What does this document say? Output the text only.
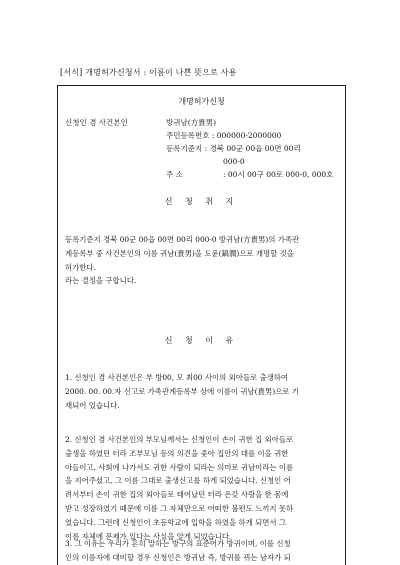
[서식] 개명허가신청서 : 이름이 나쁜 뜻으로 사용
개명허가신청
신청인 겸 사건본인	방귀남(方貴男)
주민등록번호 : 000000-2000000
등록기준지 : 경북 00군 00읍 00면 00리
000-0
주 소	: 00시 00구 00로 000-0, 000호
신 청 취 지
등록기준지 경북 00군 00읍 00면 00리 000-0 방귀남(方貴男)의 가족관
계등록부 중 사건본인의 이름 귀남(貴男)을 도윤(鎬潤)으로 개명할 것을
허가한다.
라는 결정을 구합니다.
신 청 이 유
1. 신청인 겸 사건본인은 부 방00, 모 최00 사이의 외아들로 출생하여
2000. 00. 00.자 신고로 가족관계등록부 상에 이름이 귀남(貴男)으로 기
재되어 있습니다.
2. 신청인 겸 사건본인의 부모님께서는 신청인이 손이 귀한 집 외아들로
출생을 하였던 터라 조부모님 등의 의견을 좇아 집안의 대를 이을 귀한
아들이고, 사회에 나가서도 귀한 사람이 되라는 의미로 귀남이라는 이름
을 지어주셨고, 그 이름 그대로 출생신고를 하게 되었습니다. 신청인 어
려서부터 손이 귀한 집의 외아들로 태어났던 터라 온갖 사랑을 한 몸에
받고 성장하였기 때문에 이름 그 자체만으로 어떠한 불편도 느끼지 못하
였습니다. 그런데 신청인이 초등학교에 입학을 하였을 하게 되면서 그
이름 자체에 문제가 있다는 사실을 알게 되었습니다.
3. 그 이유는 우리가 흔히 말하는 방구의 표준어가 방귀이며, 이를 신청
인의 이름자에 대비할 경우 신청인은 방귀남 즉, 방귀를 뀌는 남자가 되
